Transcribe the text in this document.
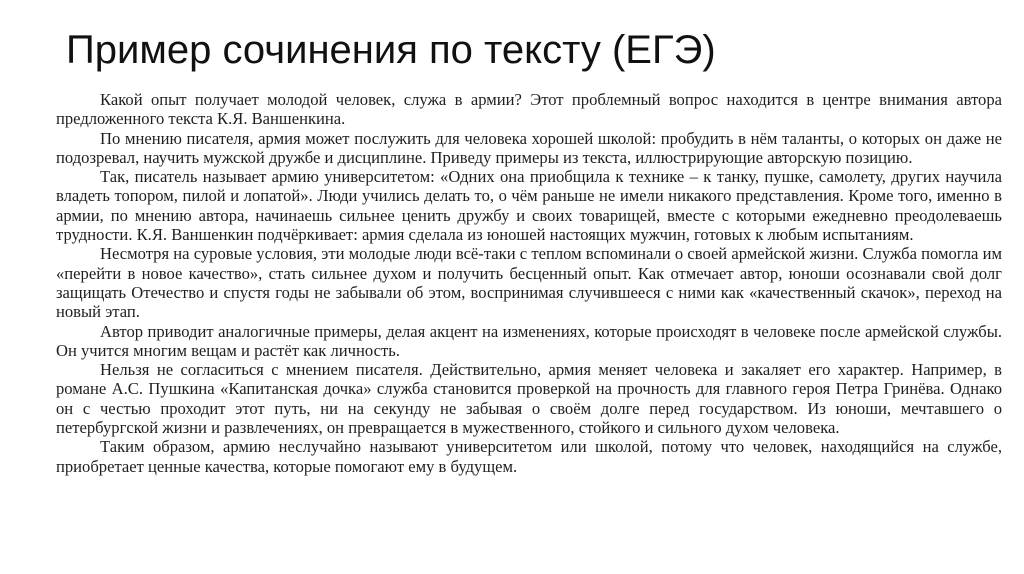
Пример сочинения по тексту (ЕГЭ)

Какой опыт получает молодой человек, служа в армии? Этот проблемный вопрос находится в центре внимания автора предложенного текста К.Я. Ваншенкина.

По мнению писателя, армия может послужить для человека хорошей школой: пробудить в нём таланты, о которых он даже не подозревал, научить мужской дружбе и дисциплине. Приведу примеры из текста, иллюстрирующие авторскую позицию.

Так, писатель называет армию университетом: «Одних она приобщила к технике – к танку, пушке, самолету, других научила владеть топором, пилой и лопатой». Люди учились делать то, о чём раньше не имели никакого представления. Кроме того, именно в армии, по мнению автора, начинаешь сильнее ценить дружбу и своих товарищей, вместе с которыми ежедневно преодолеваешь трудности. К.Я. Ваншенкин подчёркивает: армия сделала из юношей настоящих мужчин, готовых к любым испытаниям.

Несмотря на суровые условия, эти молодые люди всё-таки с теплом вспоминали о своей армейской жизни. Служба помогла им «перейти в новое качество», стать сильнее духом и получить бесценный опыт. Как отмечает автор, юноши осознавали свой долг защищать Отечество и спустя годы не забывали об этом, воспринимая случившееся с ними как «качественный скачок», переход на новый этап.

Автор приводит аналогичные примеры, делая акцент на изменениях, которые происходят в человеке после армейской службы. Он учится многим вещам и растёт как личность.

Нельзя не согласиться с мнением писателя. Действительно, армия меняет человека и закаляет его характер. Например, в романе А.С. Пушкина «Капитанская дочка» служба становится проверкой на прочность для главного героя Петра Гринёва. Однако он с честью проходит этот путь, ни на секунду не забывая о своём долге перед государством. Из юноши, мечтавшего о петербургской жизни и развлечениях, он превращается в мужественного, стойкого и сильного духом человека.

Таким образом, армию неслучайно называют университетом или школой, потому что человек, находящийся на службе, приобретает ценные качества, которые помогают ему в будущем.
